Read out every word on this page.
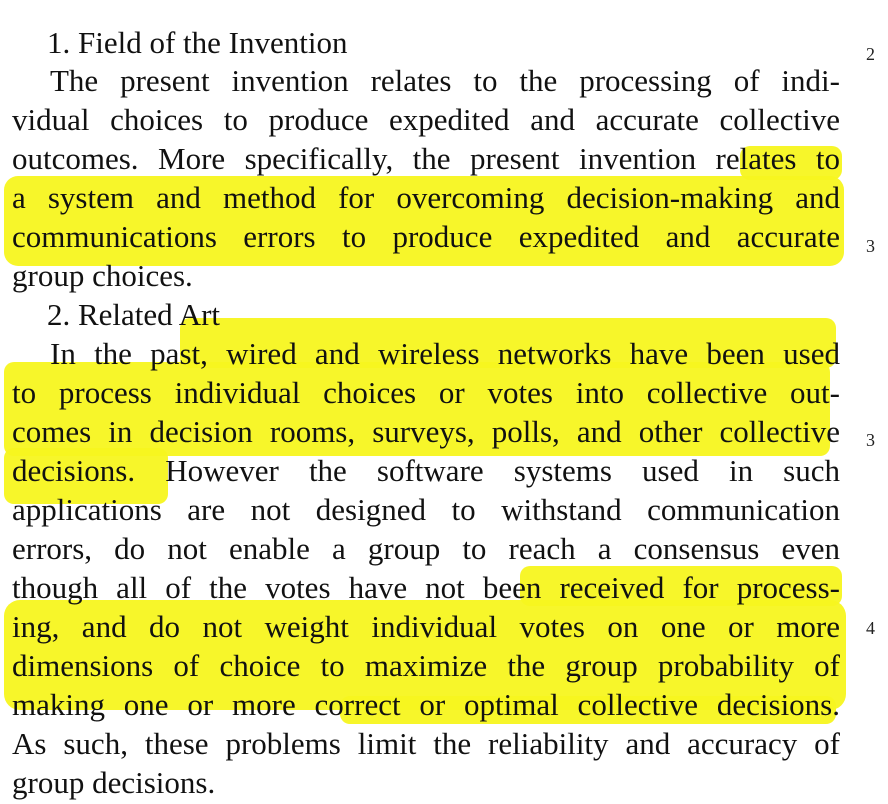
1. Field of the Invention
The present invention relates to the processing of indi-
vidual choices to produce expedited and accurate collective
outcomes. More specifically, the present invention relates to
a system and method for overcoming decision-making and
communications errors to produce expedited and accurate
group choices.
2. Related Art
In the past, wired and wireless networks have been used
to process individual choices or votes into collective out-
comes in decision rooms, surveys, polls, and other collective
decisions. However the software systems used in such
applications are not designed to withstand communication
errors, do not enable a group to reach a consensus even
though all of the votes have not been received for process-
ing, and do not weight individual votes on one or more
dimensions of choice to maximize the group probability of
making one or more correct or optimal collective decisions.
As such, these problems limit the reliability and accuracy of
group decisions.
2
3
3
4
